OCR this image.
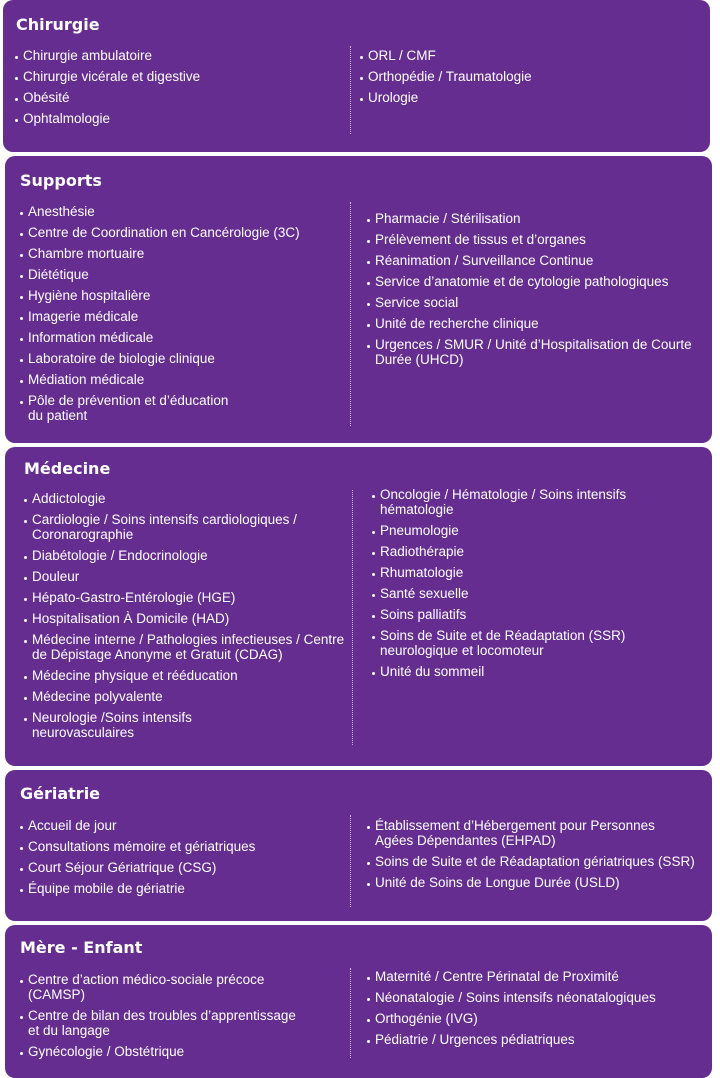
Chirurgie
Chirurgie ambulatoire
Chirurgie vicérale et digestive
Obésité
Ophtalmologie
ORL / CMF
Orthopédie / Traumatologie
Urologie
Supports
Anesthésie
Centre de Coordination en Cancérologie (3C)
Chambre mortuaire
Diététique
Hygiène hospitalière
Imagerie médicale
Information médicale
Laboratoire de biologie clinique
Médiation médicale
Pôle de prévention et d’éducation
du patient
Pharmacie / Stérilisation
Prélèvement de tissus et d’organes
Réanimation / Surveillance Continue
Service d’anatomie et de cytologie pathologiques
Service social
Unité de recherche clinique
Urgences / SMUR / Unité d’Hospitalisation de Courte Durée (UHCD)
Médecine
Addictologie
Cardiologie / Soins intensifs cardiologiques / Coronarographie
Diabétologie / Endocrinologie
Douleur
Hépato-Gastro-Entérologie (HGE)
Hospitalisation À Domicile (HAD)
Médecine interne / Pathologies infectieuses / Centre de Dépistage Anonyme et Gratuit (CDAG)
Médecine physique et rééducation
Médecine polyvalente
Neurologie /Soins intensifs
neurovasculaires
Oncologie / Hématologie / Soins intensifs
hématologie
Pneumologie
Radiothérapie
Rhumatologie
Santé sexuelle
Soins palliatifs
Soins de Suite et de Réadaptation (SSR)
neurologique et locomoteur
Unité du sommeil
Gériatrie
Accueil de jour
Consultations mémoire et gériatriques
Court Séjour Gériatrique (CSG)
Équipe mobile de gériatrie
Établissement d’Hébergement pour Personnes
Agées Dépendantes (EHPAD)
Soins de Suite et de Réadaptation gériatriques (SSR)
Unité de Soins de Longue Durée (USLD)
Mère - Enfant
Centre d’action médico-sociale précoce
(CAMSP)
Centre de bilan des troubles d’apprentissage
et du langage
Gynécologie / Obstétrique
Maternité / Centre Périnatal de Proximité
Néonatalogie / Soins intensifs néonatalogiques
Orthogénie (IVG)
Pédiatrie / Urgences pédiatriques
